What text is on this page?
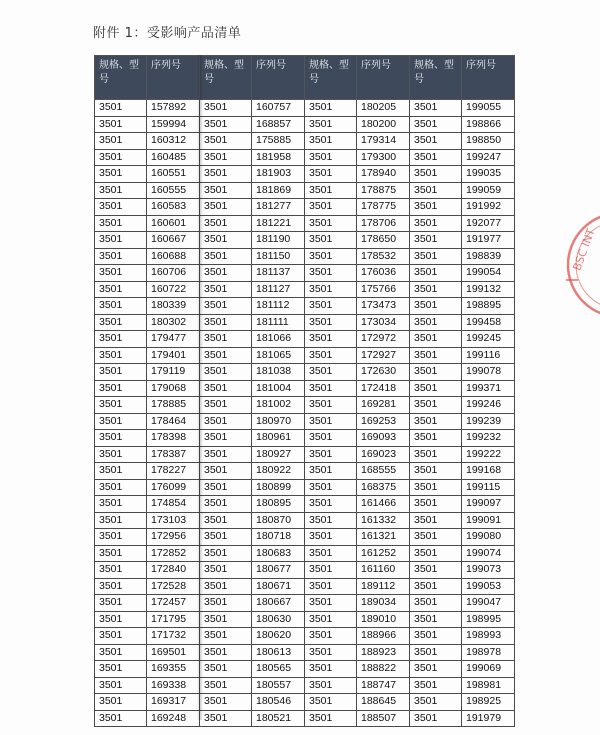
附件 1：受影响产品清单
规格、型号	序列号	规格、型号	序列号	规格、型号	序列号	规格、型号	序列号
3501	157892	3501	160757	3501	180205	3501	199055
3501	159994	3501	168857	3501	180200	3501	198866
3501	160312	3501	175885	3501	179314	3501	198850
3501	160485	3501	181958	3501	179300	3501	199247
3501	160551	3501	181903	3501	178940	3501	199035
3501	160555	3501	181869	3501	178875	3501	199059
3501	160583	3501	181277	3501	178775	3501	191992
3501	160601	3501	181221	3501	178706	3501	192077
3501	160667	3501	181190	3501	178650	3501	191977
3501	160688	3501	181150	3501	178532	3501	198839
3501	160706	3501	181137	3501	176036	3501	199054
3501	160722	3501	181127	3501	175766	3501	199132
3501	180339	3501	181112	3501	173473	3501	198895
3501	180302	3501	181111	3501	173034	3501	199458
3501	179477	3501	181066	3501	172972	3501	199245
3501	179401	3501	181065	3501	172927	3501	199116
3501	179119	3501	181038	3501	172630	3501	199078
3501	179068	3501	181004	3501	172418	3501	199371
3501	178885	3501	181002	3501	169281	3501	199246
3501	178464	3501	180970	3501	169253	3501	199239
3501	178398	3501	180961	3501	169093	3501	199232
3501	178387	3501	180927	3501	169023	3501	199222
3501	178227	3501	180922	3501	168555	3501	199168
3501	176099	3501	180899	3501	168375	3501	199115
3501	174854	3501	180895	3501	161466	3501	199097
3501	173103	3501	180870	3501	161332	3501	199091
3501	172956	3501	180718	3501	161321	3501	199080
3501	172852	3501	180683	3501	161252	3501	199074
3501	172840	3501	180677	3501	161160	3501	199073
3501	172528	3501	180671	3501	189112	3501	199053
3501	172457	3501	180667	3501	189034	3501	199047
3501	171795	3501	180630	3501	189010	3501	198995
3501	171732	3501	180620	3501	188966	3501	198993
3501	169501	3501	180613	3501	188923	3501	198978
3501	169355	3501	180565	3501	188822	3501	199069
3501	169338	3501	180557	3501	188747	3501	198981
3501	169317	3501	180546	3501	188645	3501	198925
3501	169248	3501	180521	3501	188507	3501	191979
BSC INT
